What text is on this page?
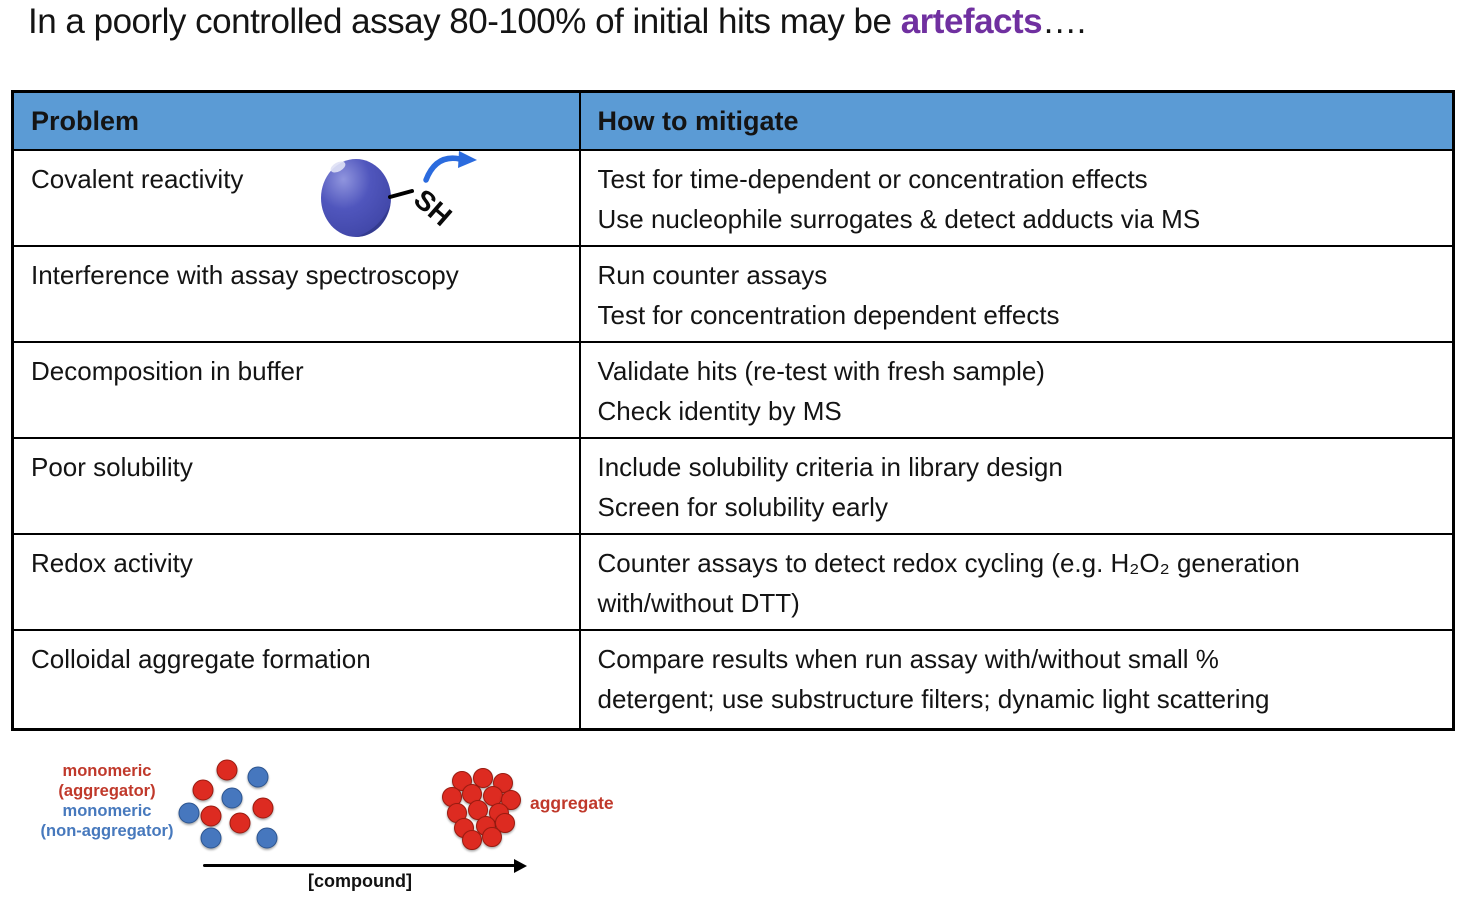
In a poorly controlled assay 80-100% of initial hits may be artefacts….
Problem	How to mitigate
Covalent reactivity	Test for time-dependent or concentration effects
Use nucleophile surrogates & detect adducts via MS

Interference with assay spectroscopy	Run counter assays
Test for concentration dependent effects

Decomposition in buffer	Validate hits (re-test with fresh sample)
Check identity by MS

Poor solubility	Include solubility criteria in library design
Screen for solubility early

Redox activity	Counter assays to detect redox cycling (e.g. H₂O₂ generation
with/without DTT)

Colloidal aggregate formation	Compare results when run assay with/without small %
detergent; use substructure filters; dynamic light scattering
SH
monomeric
(aggregator)
monomeric
(non-aggregator)
[compound]
aggregate
